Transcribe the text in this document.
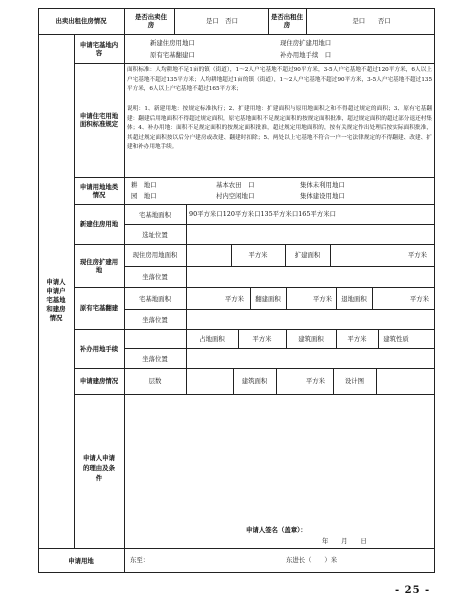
出卖出租住房情况	是否出卖住房	是口　否口	是否出租住房	是口　　否口
申请人申请户宅基地和建房情况
申请宅基地内容
新建住房用地口	现住房扩建用地口
原有宅基翻建口	补办用地手续　口
申请住宅用地面积标准规定
面积标准：人均耕地不足1亩的镇（街道），1～2人户宅基地不超过90平方米，3-5人户宅基地不超过120平方米，6人以上户宅基地不超过135平方米；人均耕地超过1亩的镇（街道），1～2人户宅基地不超过90平方米，3-5人户宅基地不超过135平方米，6人以上户宅基地不超过165平方米；
说明：1、新建用地：按规定标准执行；2、扩建用地：扩建面积与原用地面积之和不得超过规定的面积；3、原有宅基翻建：翻建后用地面积不得超过规定面积，原宅基地面积不足规定面积的按规定面积批准，超过规定面积的超过部分退还村集体；4、补办用地：面积不足规定面积的按规定面积批准，超过规定用地面积的，按有关规定作出处理后按实际面积批准，其超过规定面积按以后分户建房或改建、翻建时扣除；5、两处以上宅基地不符合一户一宅法律规定的不得翻建、改建、扩建和补办用地手续。
申请用地地类情况
耕　地口	基本农田　口	集体未利用地口
园　地口	村内空闲地口	集体建设用地口
新建住房用地
宅基地面积	90平方米口120平方米口135平方米口165平方米口
选址位置
现住房扩建用地
现住房用地面积	平方米	扩建面积	平方米
坐落位置
原有宅基翻建
宅基地面积	平方米	翻建面积	平方米	退地面积	平方米
坐落位置
补办用地手续
占地面积	平方米	建筑面积	平方米	建筑性质
坐落位置
申请建房情况	层数	建筑面积	平方米	设计图
申请人申请的理由及条件
申请人签名（盖章）：
年　　月　　日
申请用地	东至：	东进长（　　）米
- 25 -
